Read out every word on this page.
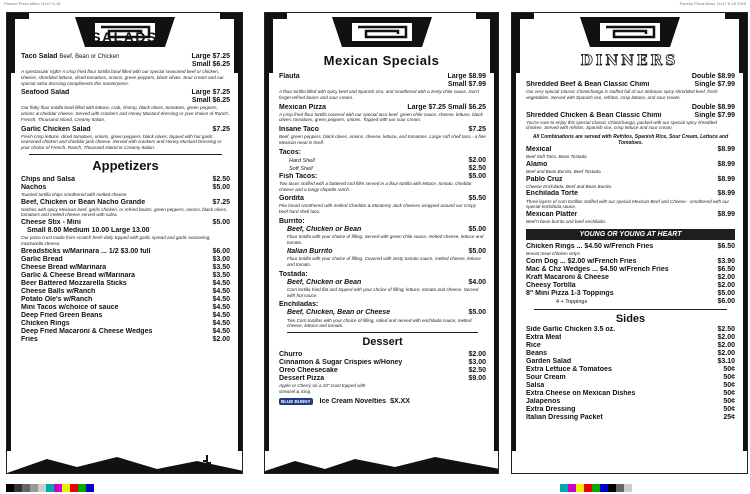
Pancho Pizza Menu 11x17 6-18	Pancho Pizza Menu 11x17 6-18 2009
SALADS
Taco Salad Beef, Bean or Chicken	Large $7.25
Small $6.25
A spectacular sight! A crisp fried flour tortilla bowl filled with our special seasoned beef or chicken, cheese, shredded lettuce, diced tomatoes, onions, green peppers, black olives. Sour cream and our special salsa dressing compliments this masterpiece.
Seafood Salad	Large $7.25
Small $6.25
Our flaky flour tortilla bowl filled with lettuce, crab, shrimp, black olives, tomatoes, green peppers, onions & cheddar cheese. Served with crackers and Honey Mustard dressing or your choice of Ranch, French, Thousand Island, Creamy Italian.
Garlic Chicken Salad	$7.25
Fresh crisp lettuce, diced tomatoes, onions, green peppers, black olives, topped with hot garlic seasoned chicken and cheddar jack cheese. Served with crackers and Honey Mustard Dressing or your choice of French, Ranch, Thousand Island or Creamy Italian.
Appetizers
Chips and Salsa	$2.50
Nachos	$5.00
Toasted tortilla chips smothered with melted cheese
Beef, Chicken or Bean Nacho Grande	$7.25
Nachos with spicy Mexican beef, garlic chicken, or refried beans, green peppers, onions, black olives, tomatoes and melted cheese served with salsa.
Cheese Stix - Mini	$5.00
Small 8.00 Medium 10.00 Large 13.00
Our pizza crust made from scratch fresh daily topped with garlic spread and garlic seasoning, mozzarella cheese.
Breadsticks w/Marinara ... 1/2 $3.00 full	$6.00
Garlic Bread	$3.00
Cheese Bread w/Marinara	$3.50
Garlic & Cheese Bread w/Marinara	$3.50
Beer Battered Mozzarella Sticks	$4.50
Cheese Balls w/Ranch	$4.50
Potato Ole's w/Ranch	$4.50
Mini Tacos w/choice of sauce	$4.50
Deep Fried Green Beans	$4.50
Chicken Rings	$4.50
Deep Fried Macaroni & Cheese Wedges	$4.50
Fries	$2.00
Mexican Specials
Flauta	Large $8.99
Small $7.99
A flour tortilla filled with spicy beef and Spanish rice, and smothered with a zesty chile sauce. Don't forget refried beans and sour cream.
Mexican Pizza	Large $7.25 Small $6.25
A crisp fried flour tortilla covered with our special taco beef, green chile sauce, cheese, lettuce, black olives, tomatoes, green peppers, onions. Topped with our sour cream.
Insane Taco	$7.25
Beef, green peppers, black olives, onions, cheese, lettuce, and tomatoes. Large soft shell taco - a fine Mexican meal in itself.
Tacos:
Hard Shell	$2.00
Soft Shell	$2.50
Fish Tacos:	$5.00
Two tacos stuffed with a battered cod fillet served in a flour tortilla with lettuce, tomato, cheddar cheese and a tangy chipotle ranch.
Gordita	$5.50
Pita bread smothered with melted Cheddar & Monterey Jack cheeses wrapped around our crispy beef hard shell taco.
Burrito:
Beef, Chicken or Bean	$5.00
Flour tortilla with your choice of filling. Served with green chile sauce, melted cheese, lettuce and tomato.
Italian Burrito	$5.00
Flour tortilla with your choice of filling. Covered with zesty tomato sauce, melted cheese, lettuce and tomato.
Tostada:
Beef, Chicken or Bean	$4.00
Corn tortilla fried flat and topped with your choice of filling, lettuce, tomato and cheese. Served with hot sauce.
Enchiladas:
Beef, Chicken, Bean or Cheese	$5.00
Two Corn tortillas with your choice of filling, rolled and served with enchilada sauce, melted cheese, lettuce and tomato.
Dessert
Churro	$2.00
Cinnamon & Sugar Crispies w/Honey	$3.00
Oreo Cheesecake	$2.50
Dessert Pizza	$9.00
Apple or Cherry on a 10" crust topped with streusel & icing
BLUE BUNNY Ice Cream Novelties $X.XX
DINNERS
Double $8.99
Shredded Beef & Bean Classic Chimi	Single $7.99
Our very special Classic Chimichanga is stuffed full of our delicious spicy shredded beef, fresh vegetables. Served with Spanish rice, refritos, crisp lettuce, and sour cream.
Double $8.99
Shredded Chicken & Bean Classic Chimi	Single $7.99
You're sure to enjoy this special Classic Chimichanga, packed with our special spicy shredded chicken. Served with refritos, Spanish rice, crisp lettuce and sour cream.
All Combinations are served with Refritos, Spanish Rice, Sour Cream, Lettuce and Tomatoes.
Mexical	$8.99
Beef Soft Taco, Bean Tostada
Alamo	$8.99
Beef and Bean Burrito, Beef Tostada
Pablo Cruz	$8.99
Cheese Enchilada, Beef and Bean Burrito.
Enchilada Torte	$8.99
Three layers of corn tortillas stuffed with our special Mexican Beef and Cheese - smothered with our special enchilada sauce.
Mexican Platter	$8.99
Beef'n bean burrito and beef enchilada.
YOUNG OR YOUNG AT HEART
Chicken Rings ... $4.50 w/French Fries	$6.50
Breast meat chicken strips
Corn Dog ... $2.00 w/French Fries	$3.90
Mac & Chz Wedges ... $4.50 w/French Fries	$6.50
Kraft Macaroni & Cheese	$2.00
Cheesy Tortilla	$2.00
8" Mini Pizza 1-3 Toppings	$5.00
4 + Toppings	$6.00
Sides
Side Garlic Chicken 3.5 oz.	$2.50
Extra Meat	$2.00
Rice	$2.00
Beans	$2.00
Garden Salad	$3.10
Extra Lettuce & Tomatoes	50¢
Sour Cream	50¢
Salsa	50¢
Extra Cheese on Mexican Dishes	50¢
Jalapenos	50¢
Extra Dressing	50¢
Italian Dressing Packet	25¢
